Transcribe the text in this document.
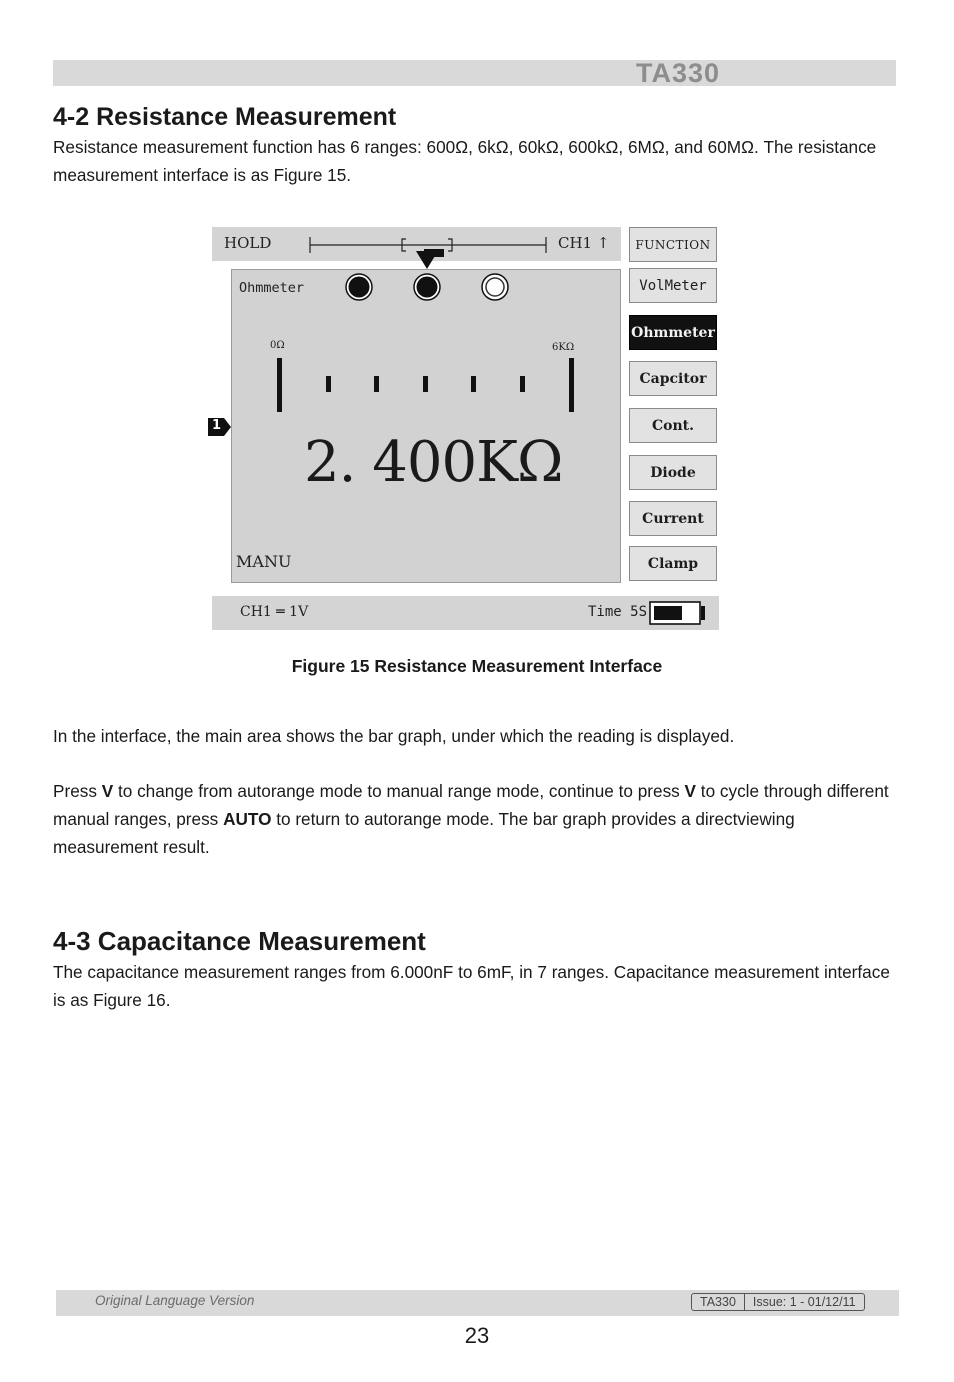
TA330
4-2 Resistance Measurement

Resistance measurement function has 6 ranges: 600Ω, 6kΩ, 60kΩ, 600kΩ, 6MΩ, and 60MΩ. The resistance measurement interface is as Figure 15.

HOLD	CH1 ↑
Ohmmeter
0Ω	6KΩ
2. 400KΩ
MANU
1
CH1 ═ 1V	Time 5S
FUNCTION
VolMeter
Ohmmeter
Capcitor
Cont.
Diode
Current
Clamp
Figure 15 Resistance Measurement Interface

In the interface, the main area shows the bar graph, under which the reading is displayed.

Press V to change from autorange mode to manual range mode, continue to press V to cycle through different manual ranges, press AUTO to return to autorange mode. The bar graph provides a directviewing measurement result.

4-3 Capacitance Measurement

The capacitance measurement ranges from 6.000nF to 6mF, in 7 ranges. Capacitance measurement interface is as Figure 16.

Original Language Version	TA330	Issue: 1 - 01/12/11
23
